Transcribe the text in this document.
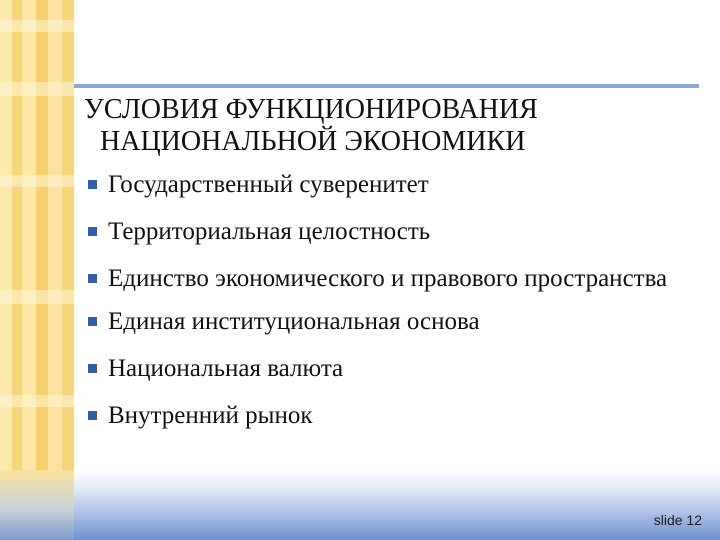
УСЛОВИЯ ФУНКЦИОНИРОВАНИЯ
НАЦИОНАЛЬНОЙ ЭКОНОМИКИ
Государственный суверенитет
Территориальная целостность
Единство экономического и правового пространства
Единая институциональная основа
Национальная валюта
Внутренний рынок
slide 12
